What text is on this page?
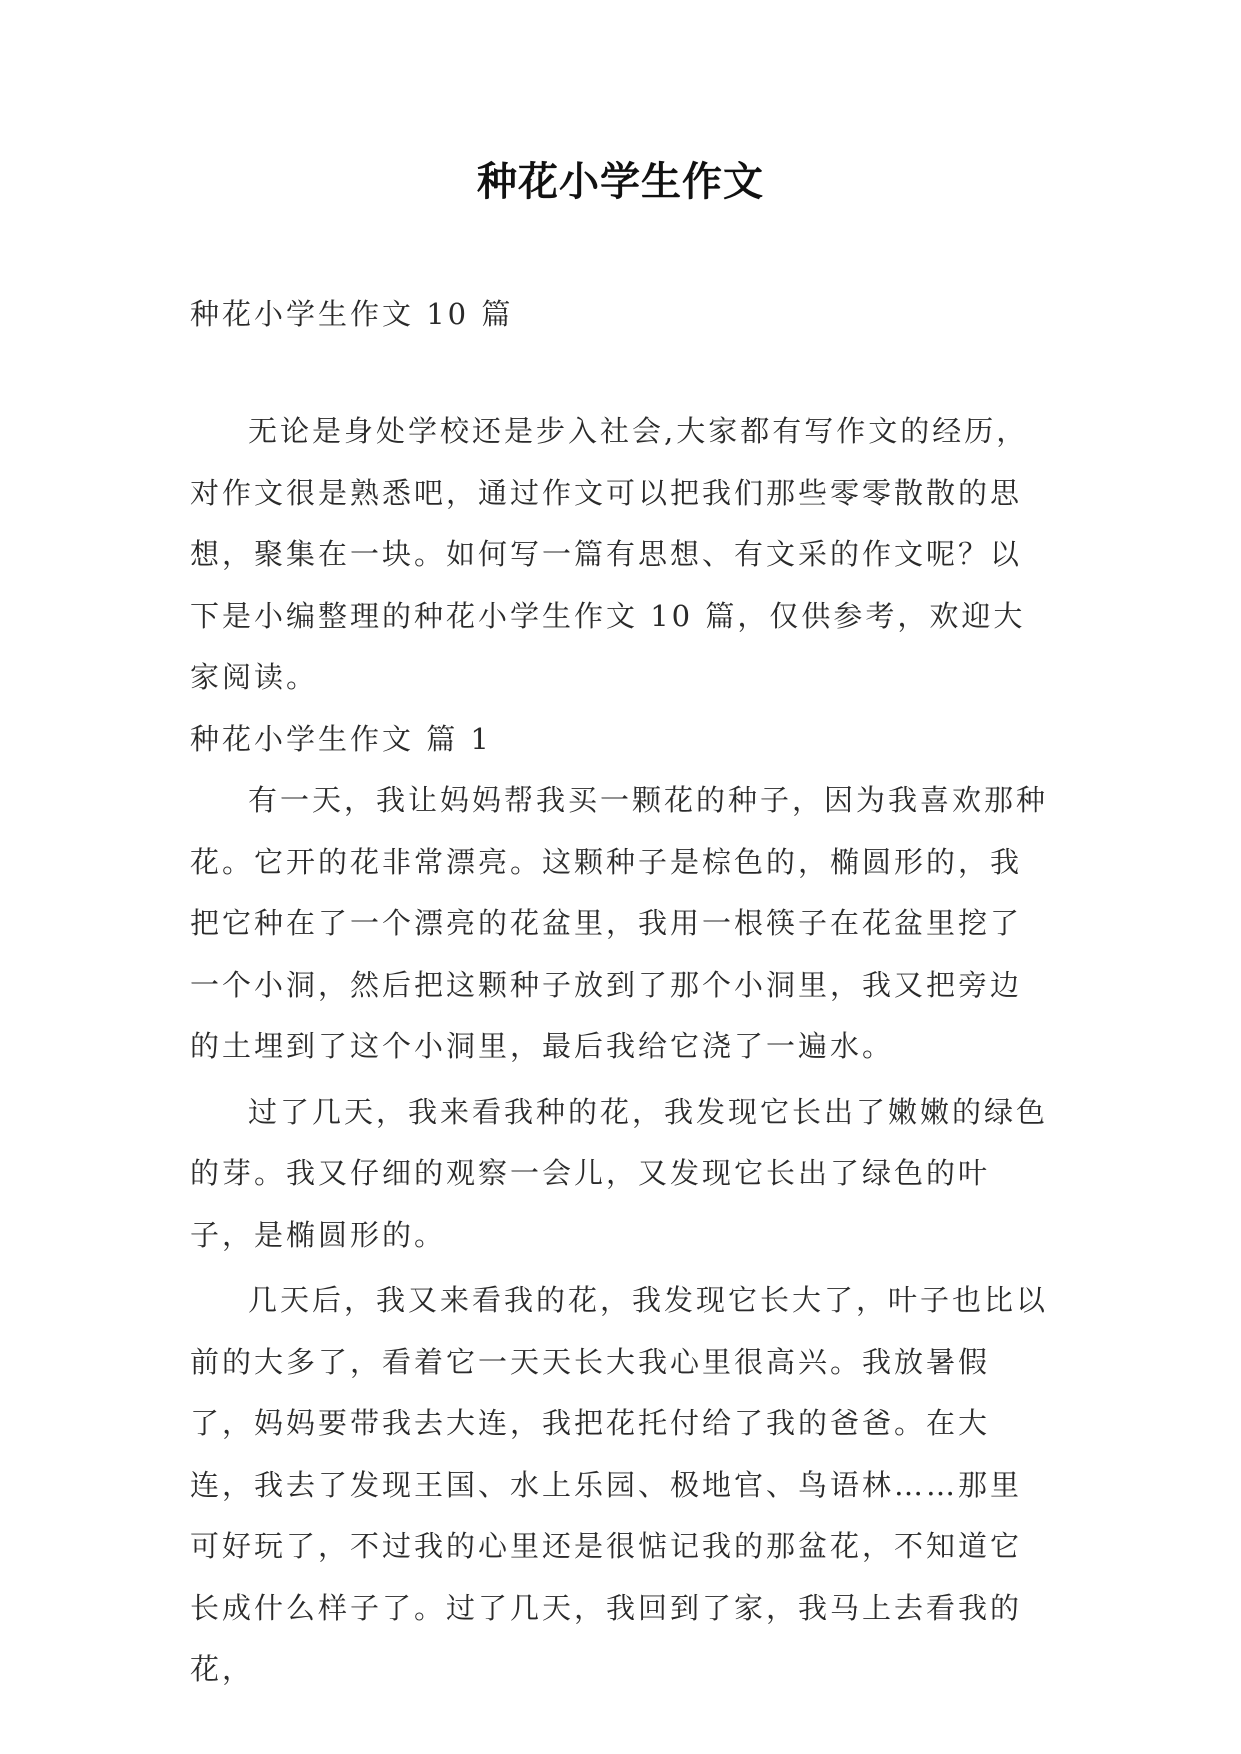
种花小学生作文
种花小学生作文 10 篇

无论是身处学校还是步入社会,大家都有写作文的经历，对作文很是熟悉吧，通过作文可以把我们那些零零散散的思想，聚集在一块。如何写一篇有思想、有文采的作文呢？以下是小编整理的种花小学生作文 10 篇，仅供参考，欢迎大家阅读。

种花小学生作文 篇 1

有一天，我让妈妈帮我买一颗花的种子，因为我喜欢那种花。它开的花非常漂亮。这颗种子是棕色的，椭圆形的，我把它种在了一个漂亮的花盆里，我用一根筷子在花盆里挖了一个小洞，然后把这颗种子放到了那个小洞里，我又把旁边的土埋到了这个小洞里，最后我给它浇了一遍水。

过了几天，我来看我种的花，我发现它长出了嫩嫩的绿色的芽。我又仔细的观察一会儿，又发现它长出了绿色的叶子，是椭圆形的。

几天后，我又来看我的花，我发现它长大了，叶子也比以前的大多了，看着它一天天长大我心里很高兴。我放暑假了，妈妈要带我去大连，我把花托付给了我的爸爸。在大连，我去了发现王国、水上乐园、极地官、鸟语林……那里可好玩了，不过我的心里还是很惦记我的那盆花，不知道它长成什么样子了。过了几天，我回到了家，我马上去看我的花，
